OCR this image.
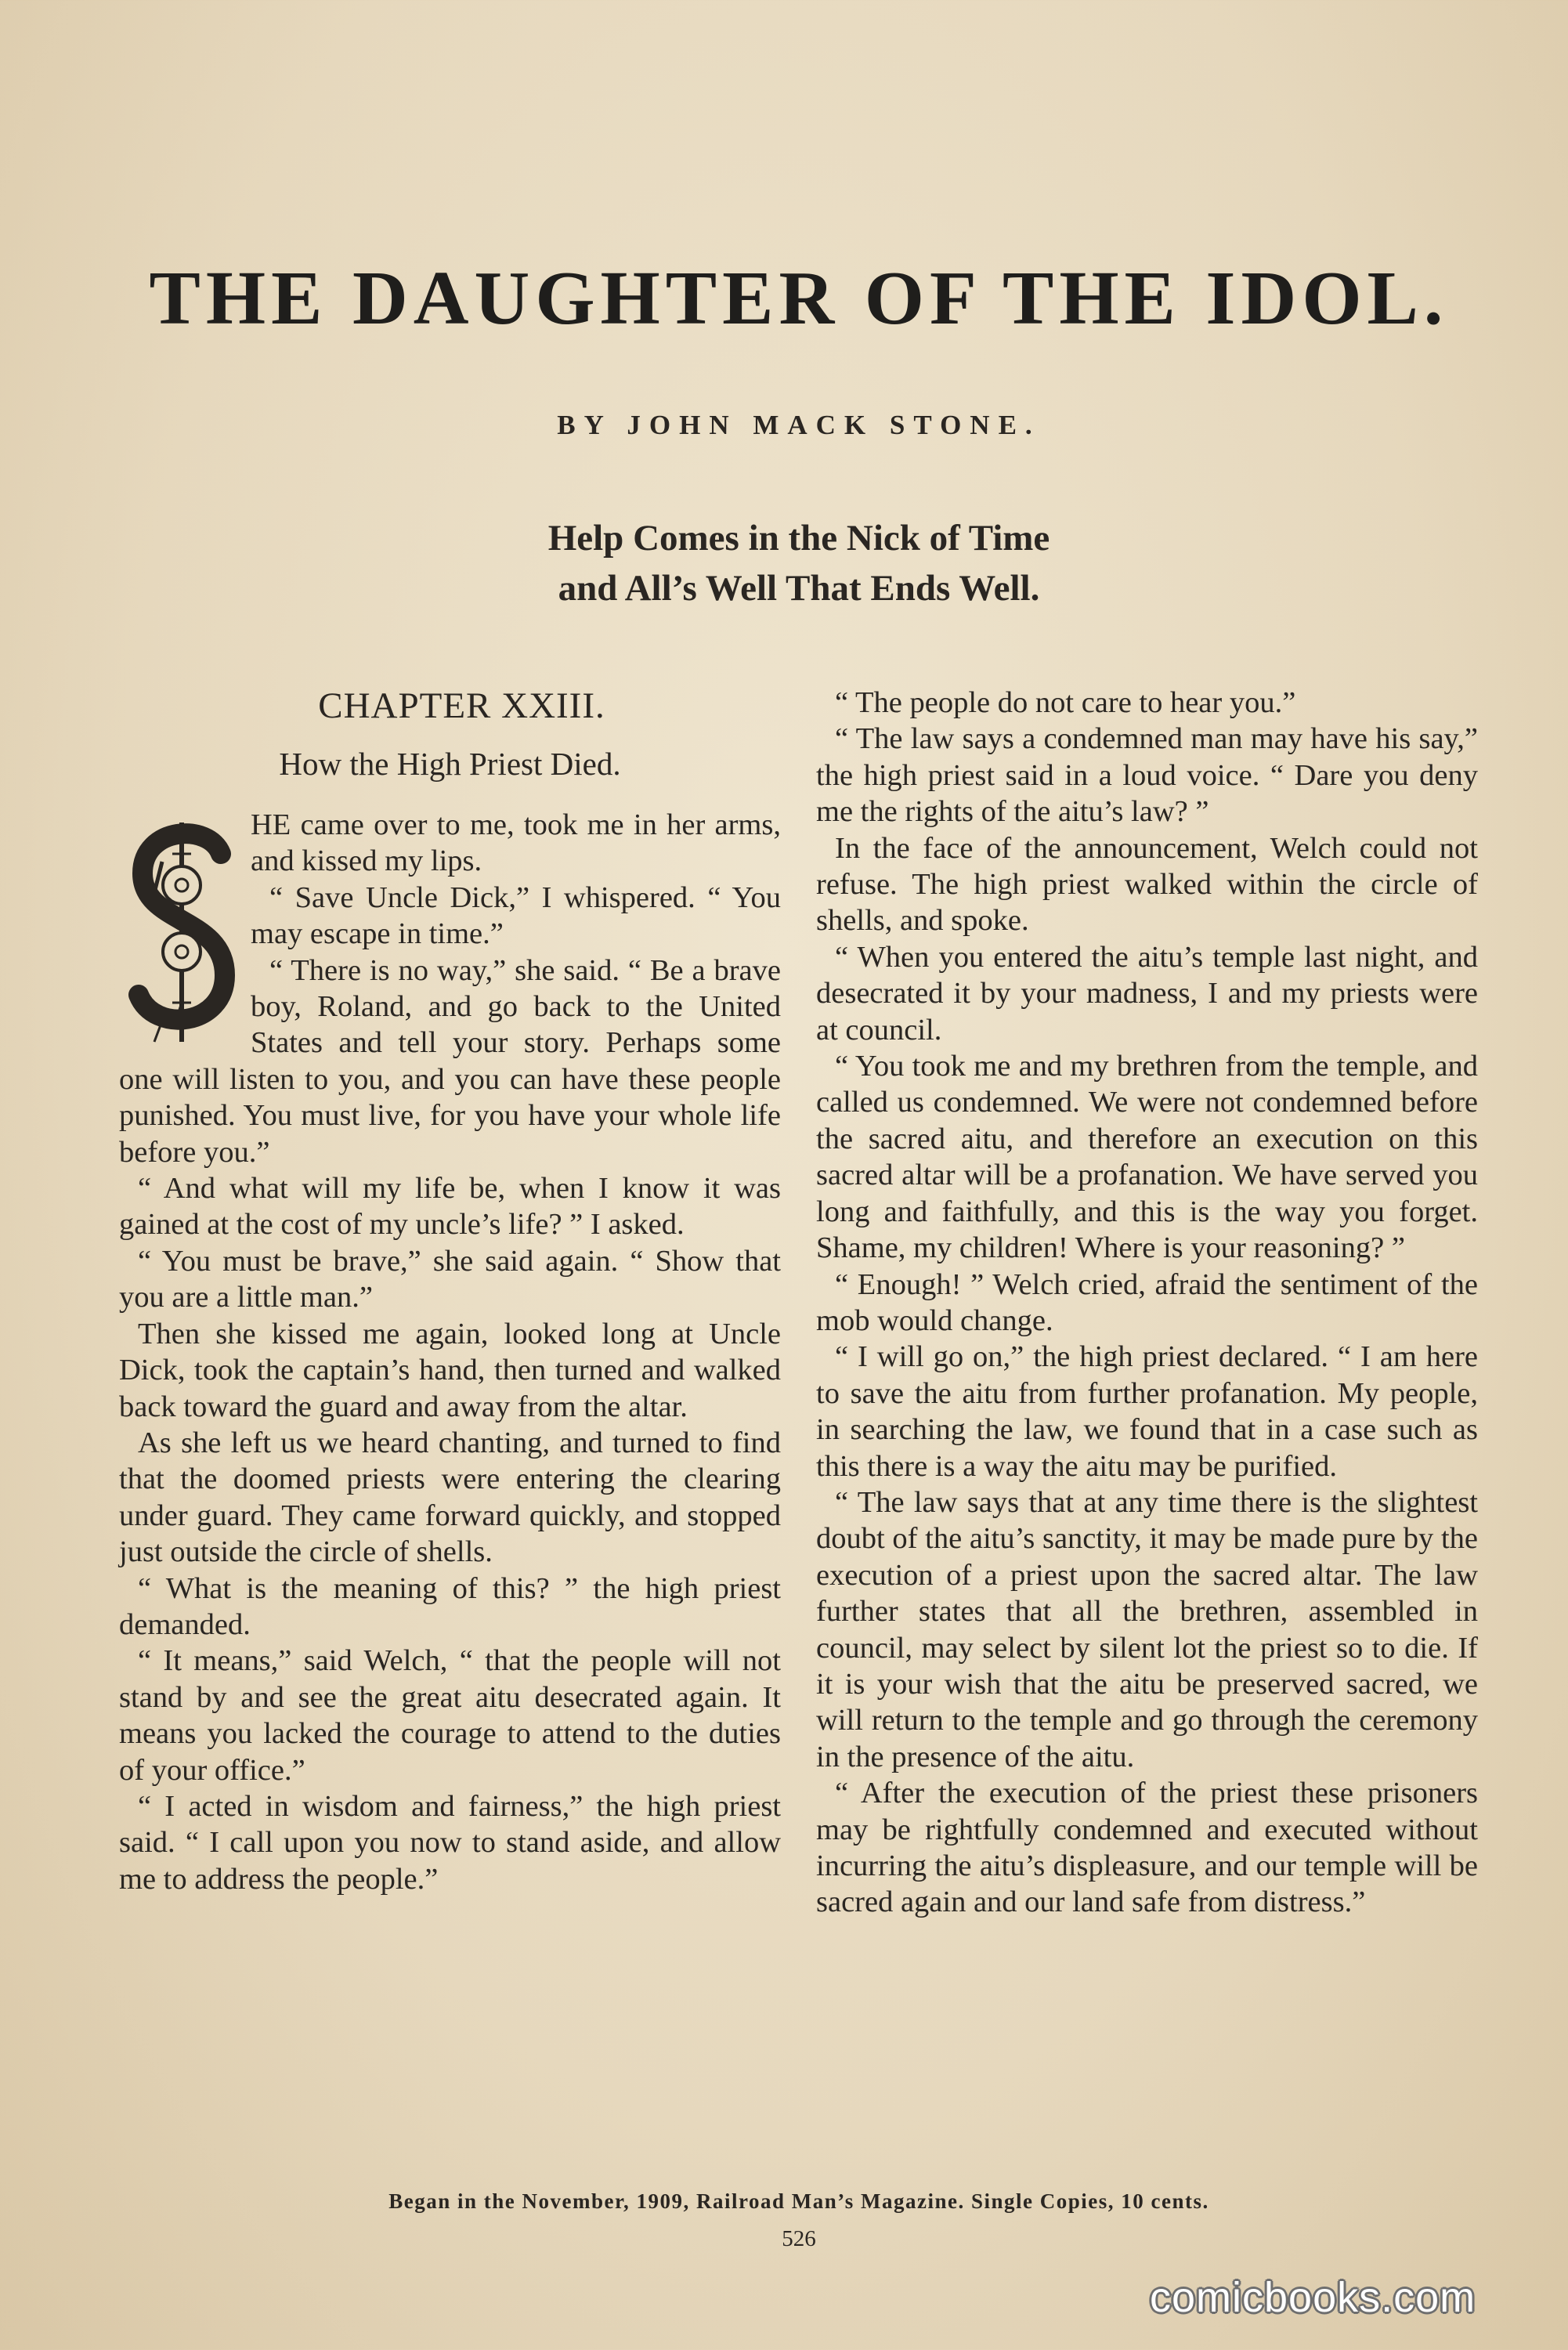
THE DAUGHTER OF THE IDOL.
BY JOHN MACK STONE.
Help Comes in the Nick of Time
and All’s Well That Ends Well.
CHAPTER XXIII.
How the High Priest Died.

HE came over to me, took me in her arms, and kissed my lips.

“ Save Uncle Dick,” I whispered. “ You may escape in time.”

“ There is no way,” she said. “ Be a brave boy, Roland, and go back to the United States and tell your story. Perhaps some one will listen to you, and you can have these people punished. You must live, for you have your whole life before you.”

“ And what will my life be, when I know it was gained at the cost of my uncle’s life? ” I asked.

“ You must be brave,” she said again. “ Show that you are a little man.”

Then she kissed me again, looked long at Uncle Dick, took the captain’s hand, then turned and walked back toward the guard and away from the altar.

As she left us we heard chanting, and turned to find that the doomed priests were entering the clearing under guard. They came forward quickly, and stopped just outside the circle of shells.

“ What is the meaning of this? ” the high priest demanded.

“ It means,” said Welch, “ that the people will not stand by and see the great aitu desecrated again. It means you lacked the courage to attend to the duties of your office.”

“ I acted in wisdom and fairness,” the high priest said. “ I call upon you now to stand aside, and allow me to address the people.”

“ The people do not care to hear you.”

“ The law says a condemned man may have his say,” the high priest said in a loud voice. “ Dare you deny me the rights of the aitu’s law? ”

In the face of the announcement, Welch could not refuse. The high priest walked within the circle of shells, and spoke.

“ When you entered the aitu’s temple last night, and desecrated it by your madness, I and my priests were at council.

“ You took me and my brethren from the temple, and called us condemned. We were not condemned before the sacred aitu, and therefore an execution on this sacred altar will be a profanation. We have served you long and faithfully, and this is the way you forget. Shame, my children! Where is your reasoning? ”

“ Enough! ” Welch cried, afraid the sentiment of the mob would change.

“ I will go on,” the high priest declared. “ I am here to save the aitu from further profanation. My people, in searching the law, we found that in a case such as this there is a way the aitu may be purified.

“ The law says that at any time there is the slightest doubt of the aitu’s sanctity, it may be made pure by the execution of a priest upon the sacred altar. The law further states that all the brethren, assembled in council, may select by silent lot the priest so to die. If it is your wish that the aitu be preserved sacred, we will return to the temple and go through the ceremony in the presence of the aitu.

“ After the execution of the priest these prisoners may be rightfully condemned and executed without incurring the aitu’s displeasure, and our temple will be sacred again and our land safe from distress.”

Began in the November, 1909, Railroad Man’s Magazine. Single Copies, 10 cents.
526
comicbooks.com
